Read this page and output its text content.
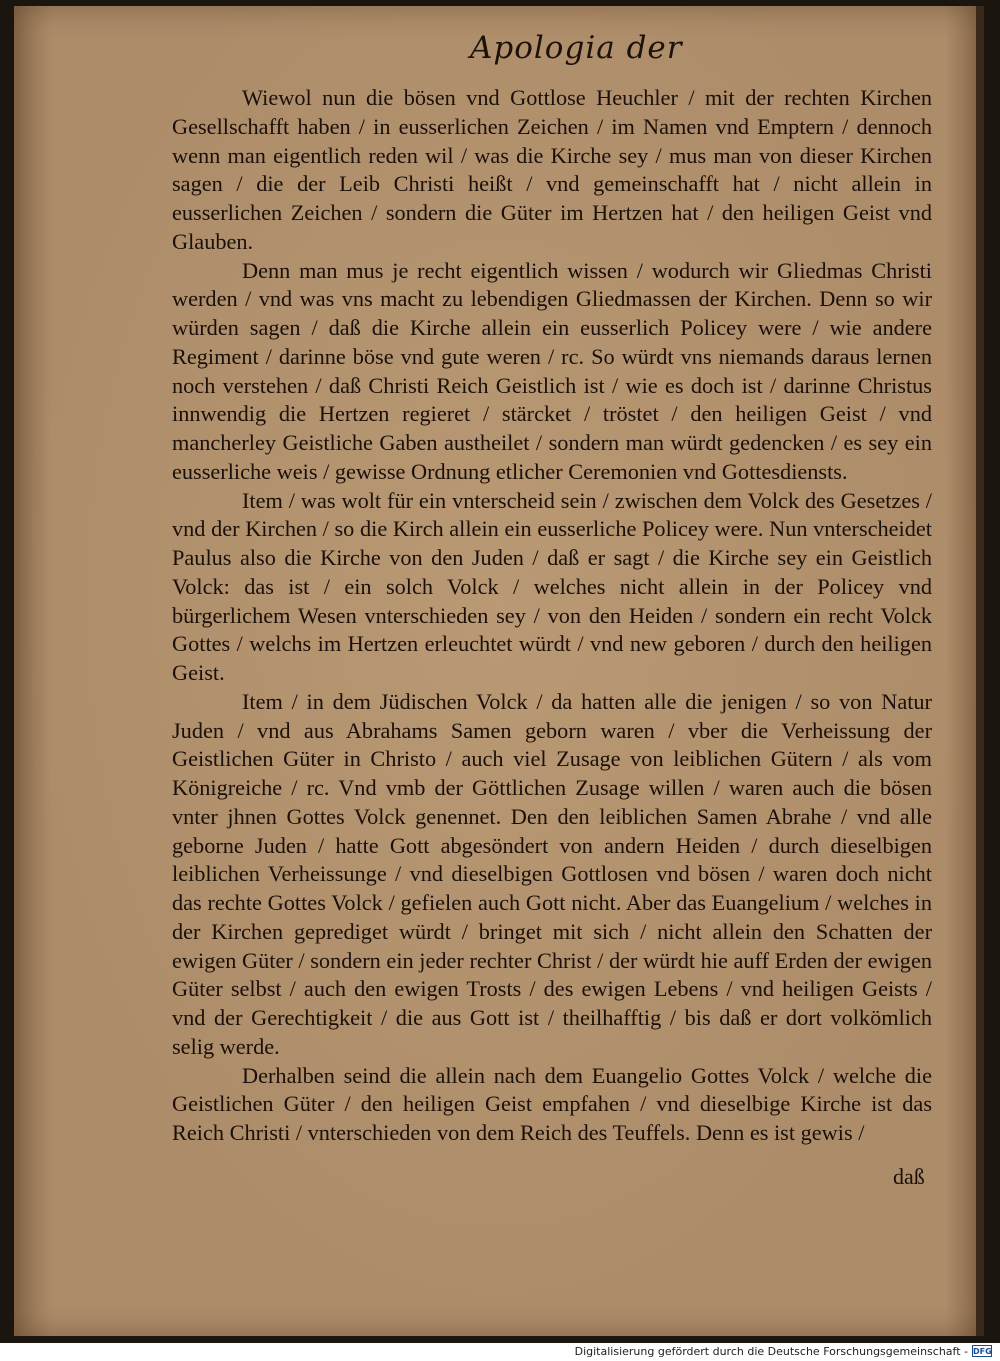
Apologia der

Wiewol nun die bösen vnd Gottlose Heuchler / mit der rechten Kirchen Gesellschafft haben / in eusserlichen Zeichen / im Namen vnd Emptern / dennoch wenn man eigentlich reden wil / was die Kirche sey / mus man von dieser Kirchen sagen / die der Leib Christi heißt / vnd gemeinschafft hat / nicht allein in eusserlichen Zeichen / sondern die Güter im Hertzen hat / den heiligen Geist vnd Glauben.

Denn man mus je recht eigentlich wissen / wodurch wir Gliedmas Christi werden / vnd was vns macht zu lebendigen Gliedmassen der Kirchen. Denn so wir würden sagen / daß die Kirche allein ein eusserlich Policey were / wie andere Regiment / darinne böse vnd gute weren / rc. So würdt vns niemands daraus lernen noch verstehen / daß Christi Reich Geistlich ist / wie es doch ist / darinne Christus innwendig die Hertzen regieret / stärcket / tröstet / den heiligen Geist / vnd mancherley Geistliche Gaben austheilet / sondern man würdt gedencken / es sey ein eusserliche weis / gewisse Ordnung etlicher Ceremonien vnd Gottesdiensts.

Item / was wolt für ein vnterscheid sein / zwischen dem Volck des Gesetzes / vnd der Kirchen / so die Kirch allein ein eusserliche Policey were. Nun vnterscheidet Paulus also die Kirche von den Juden / daß er sagt / die Kirche sey ein Geistlich Volck: das ist / ein solch Volck / welches nicht allein in der Policey vnd bürgerlichem Wesen vnterschieden sey / von den Heiden / sondern ein recht Volck Gottes / welchs im Hertzen erleuchtet würdt / vnd new geboren / durch den heiligen Geist.

Item / in dem Jüdischen Volck / da hatten alle die jenigen / so von Natur Juden / vnd aus Abrahams Samen geborn waren / vber die Verheissung der Geistlichen Güter in Christo / auch viel Zusage von leiblichen Gütern / als vom Königreiche / rc. Vnd vmb der Göttlichen Zusage willen / waren auch die bösen vnter jhnen Gottes Volck genennet. Den den leiblichen Samen Abrahe / vnd alle geborne Juden / hatte Gott abgesöndert von andern Heiden / durch dieselbigen leiblichen Verheissunge / vnd dieselbigen Gottlosen vnd bösen / waren doch nicht das rechte Gottes Volck / gefielen auch Gott nicht. Aber das Euangelium / welches in der Kirchen geprediget würdt / bringet mit sich / nicht allein den Schatten der ewigen Güter / sondern ein jeder rechter Christ / der würdt hie auff Erden der ewigen Güter selbst / auch den ewigen Trosts / des ewigen Lebens / vnd heiligen Geists / vnd der Gerechtigkeit / die aus Gott ist / theilhafftig / bis daß er dort volkömlich selig werde.

Derhalben seind die allein nach dem Euangelio Gottes Volck / welche die Geistlichen Güter / den heiligen Geist empfahen / vnd dieselbige Kirche ist das Reich Christi / vnterschieden von dem Reich des Teuffels. Denn es ist gewis /

daß
Digitalisierung gefördert durch die Deutsche Forschungsgemeinschaft - DFG
